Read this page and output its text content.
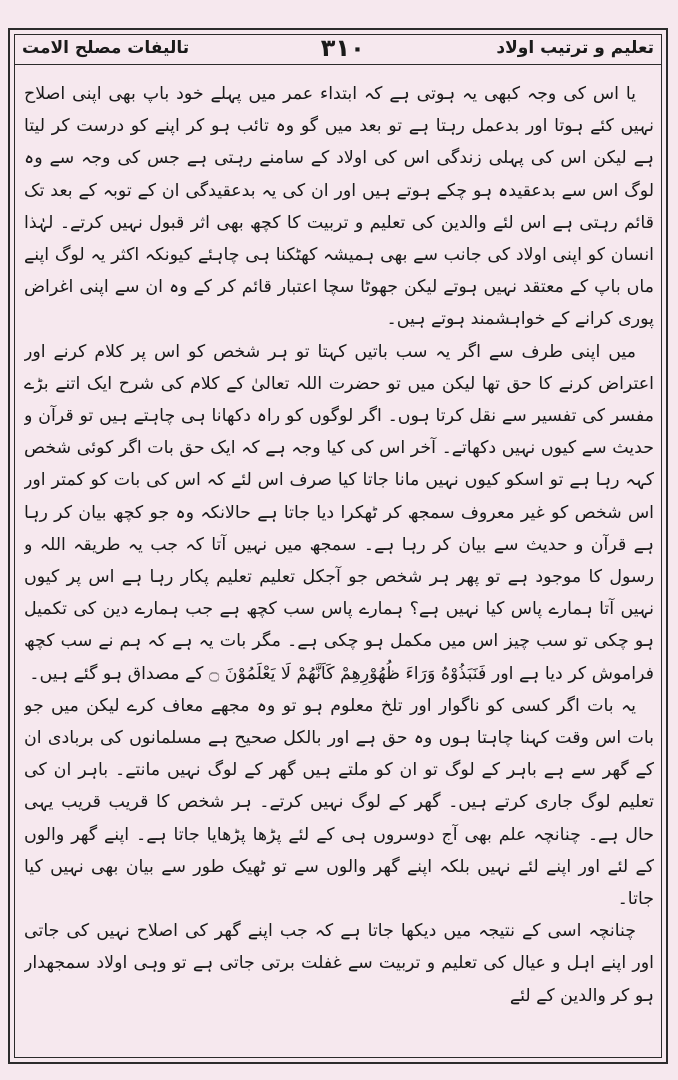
تالیفات مصلح الامت	۳۱۰	تعلیم و ترتیب اولاد

یا اس کی وجہ کبھی یہ ہوتی ہے کہ ابتداء عمر میں پہلے خود باپ بھی اپنی اصلاح نہیں کئے ہوتا اور بدعمل رہتا ہے تو بعد میں گو وہ تائب ہو کر اپنے کو درست کر لیتا ہے لیکن اس کی پہلی زندگی اس کی اولاد کے سامنے رہتی ہے جس کی وجہ سے وہ لوگ اس سے بدعقیدہ ہو چکے ہوتے ہیں اور ان کی یہ بدعقیدگی ان کے توبہ کے بعد تک قائم رہتی ہے اس لئے والدین کی تعلیم و تربیت کا کچھ بھی اثر قبول نہیں کرتے۔ لہٰذا انسان کو اپنی اولاد کی جانب سے بھی ہمیشہ کھٹکنا ہی چاہئے کیونکہ اکثر یہ لوگ اپنے ماں باپ کے معتقد نہیں ہوتے لیکن جھوٹا سچا اعتبار قائم کر کے وہ ان سے اپنی اغراض پوری کرانے کے خواہشمند ہوتے ہیں۔

میں اپنی طرف سے اگر یہ سب باتیں کہتا تو ہر شخص کو اس پر کلام کرنے اور اعتراض کرنے کا حق تھا لیکن میں تو حضرت اللہ تعالیٰ کے کلام کی شرح ایک اتنے بڑے مفسر کی تفسیر سے نقل کرتا ہوں۔ اگر لوگوں کو راہ دکھانا ہی چاہتے ہیں تو قرآن و حدیث سے کیوں نہیں دکھاتے۔ آخر اس کی کیا وجہ ہے کہ ایک حق بات اگر کوئی شخص کہہ رہا ہے تو اسکو کیوں نہیں مانا جاتا کیا صرف اس لئے کہ اس کی بات کو کمتر اور اس شخص کو غیر معروف سمجھ کر ٹھکرا دیا جاتا ہے حالانکہ وہ جو کچھ بیان کر رہا ہے قرآن و حدیث سے بیان کر رہا ہے۔ سمجھ میں نہیں آتا کہ جب یہ طریقہ اللہ و رسول کا موجود ہے تو پھر ہر شخص جو آجکل تعلیم تعلیم پکار رہا ہے اس پر کیوں نہیں آتا ہمارے پاس کیا نہیں ہے؟ ہمارے پاس سب کچھ ہے جب ہمارے دین کی تکمیل ہو چکی تو سب چیز اس میں مکمل ہو چکی ہے۔ مگر بات یہ ہے کہ ہم نے سب کچھ فراموش کر دیا ہے اور فَنَبَذُوْهُ وَرَاءَ ظُهُوْرِهِمْ كَاَنَّهُمْ لَا يَعْلَمُوْنَ ۝ کے مصداق ہو گئے ہیں۔

یہ بات اگر کسی کو ناگوار اور تلخ معلوم ہو تو وہ مجھے معاف کرے لیکن میں جو بات اس وقت کہنا چاہتا ہوں وہ حق ہے اور بالکل صحیح ہے مسلمانوں کی بربادی ان کے گھر سے ہے باہر کے لوگ تو ان کو ملتے ہیں گھر کے لوگ نہیں مانتے۔ باہر ان کی تعلیم لوگ جاری کرتے ہیں۔ گھر کے لوگ نہیں کرتے۔ ہر شخص کا قریب قریب یہی حال ہے۔ چنانچہ علم بھی آج دوسروں ہی کے لئے پڑھا پڑھایا جاتا ہے۔ اپنے گھر والوں کے لئے اور اپنے لئے نہیں بلکہ اپنے گھر والوں سے تو ٹھیک طور سے بیان بھی نہیں کیا جاتا۔

چنانچہ اسی کے نتیجہ میں دیکھا جاتا ہے کہ جب اپنے گھر کی اصلاح نہیں کی جاتی اور اپنے اہل و عیال کی تعلیم و تربیت سے غفلت برتی جاتی ہے تو وہی اولاد سمجھدار ہو کر والدین کے لئے
